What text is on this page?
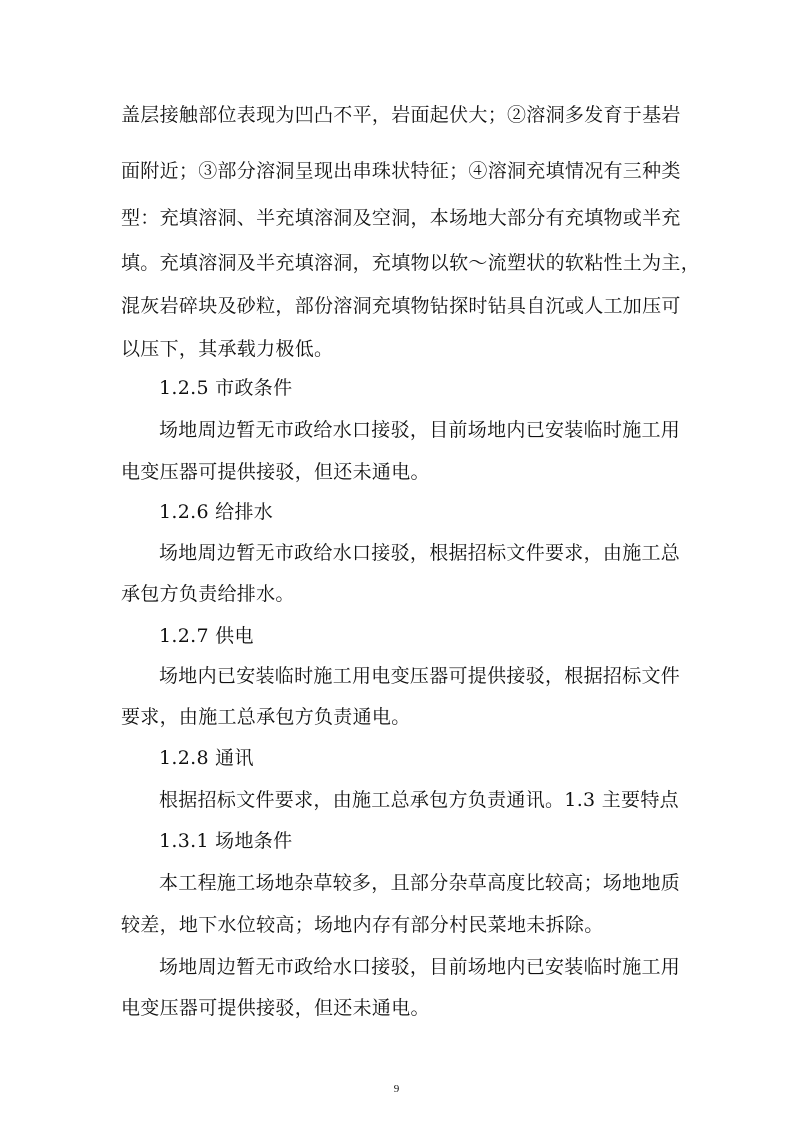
盖层接触部位表现为凹凸不平，岩面起伏大；②溶洞多发育于基岩
面附近；③部分溶洞呈现出串珠状特征；④溶洞充填情况有三种类
型：充填溶洞、半充填溶洞及空洞，本场地大部分有充填物或半充
填。充填溶洞及半充填溶洞，充填物以软～流塑状的软粘性土为主，
混灰岩碎块及砂粒，部份溶洞充填物钻探时钻具自沉或人工加压可
以压下，其承载力极低。
1.2.5 市政条件
场地周边暂无市政给水口接驳，目前场地内已安装临时施工用
电变压器可提供接驳，但还未通电。
1.2.6 给排水
场地周边暂无市政给水口接驳，根据招标文件要求，由施工总
承包方负责给排水。
1.2.7 供电
场地内已安装临时施工用电变压器可提供接驳，根据招标文件
要求，由施工总承包方负责通电。
1.2.8 通讯
根据招标文件要求，由施工总承包方负责通讯。1.3 主要特点
1.3.1 场地条件
本工程施工场地杂草较多，且部分杂草高度比较高；场地地质
较差，地下水位较高；场地内存有部分村民菜地未拆除。
场地周边暂无市政给水口接驳，目前场地内已安装临时施工用
电变压器可提供接驳，但还未通电。
9
